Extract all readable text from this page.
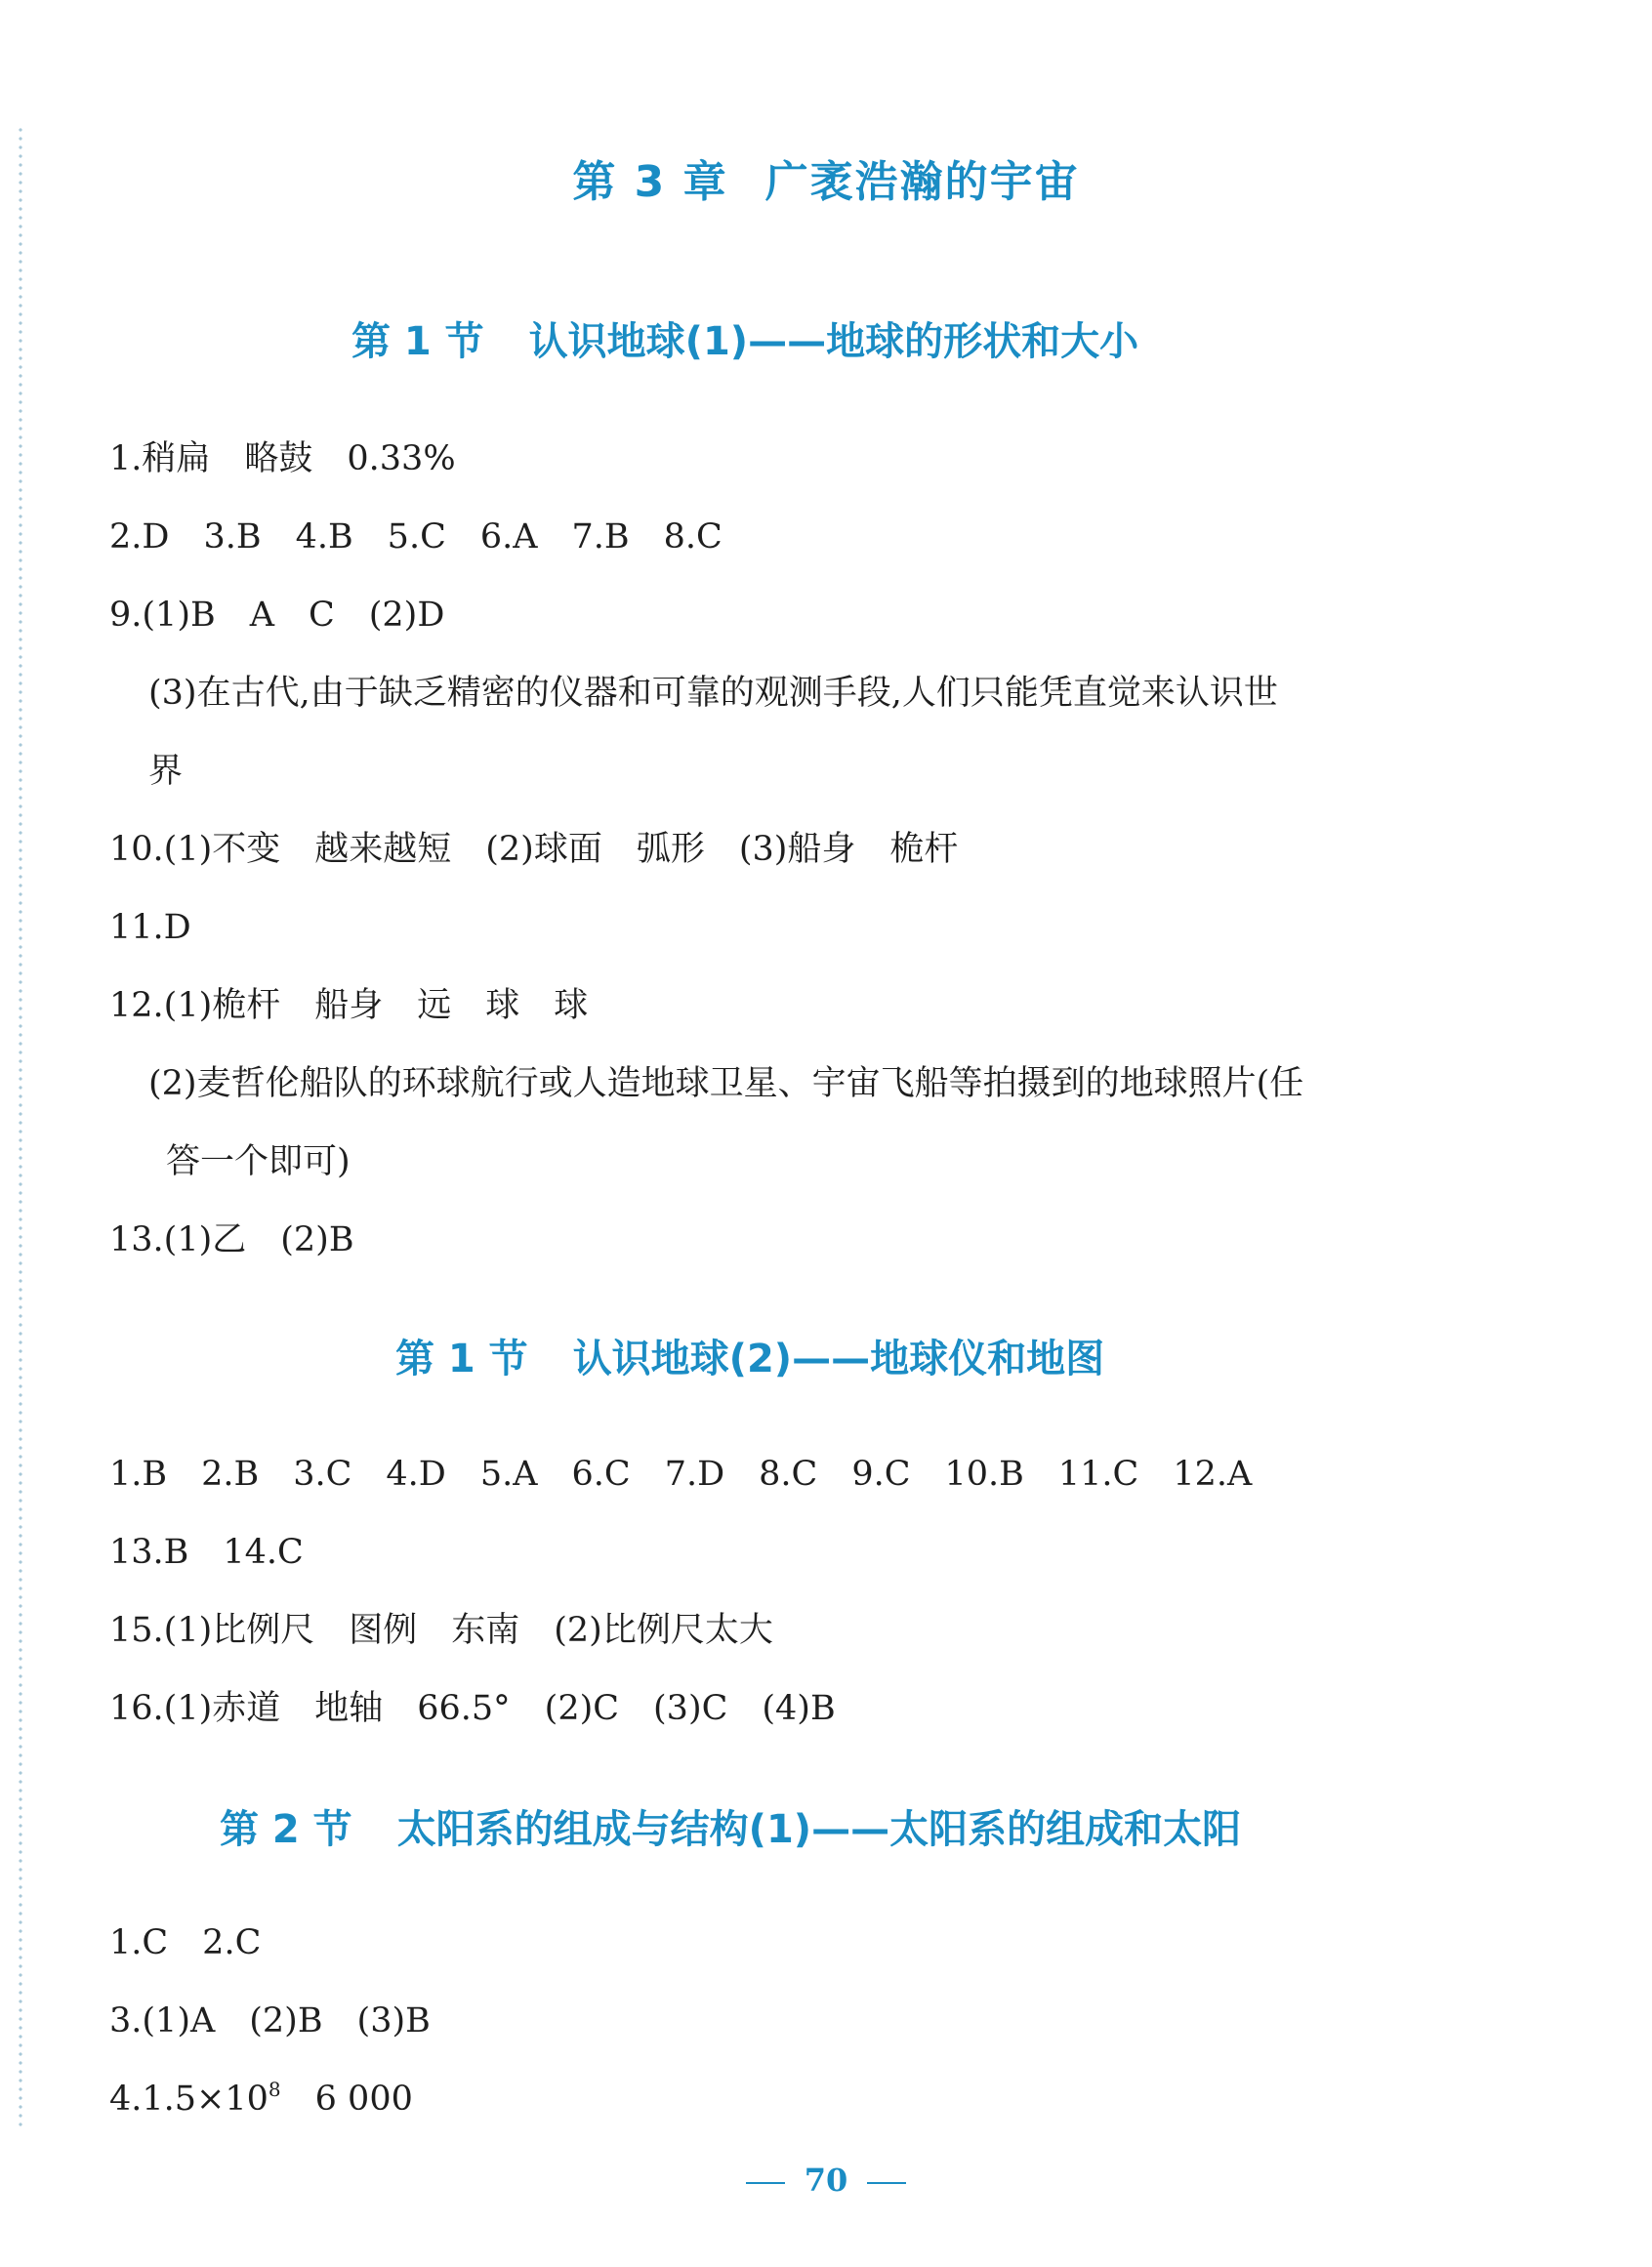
第 3 章 广袤浩瀚的宇宙
第 1 节 认识地球(1)——地球的形状和大小
1.稍扁　略鼓　0.33%
2.D　3.B　4.B　5.C　6.A　7.B　8.C
9.(1)B　A　C　(2)D
(3)在古代,由于缺乏精密的仪器和可靠的观测手段,人们只能凭直觉来认识世
界
10.(1)不变　越来越短　(2)球面　弧形　(3)船身　桅杆
11.D
12.(1)桅杆　船身　远　球　球
(2)麦哲伦船队的环球航行或人造地球卫星、宇宙飞船等拍摄到的地球照片(任
答一个即可)
13.(1)乙　(2)B
第 1 节 认识地球(2)——地球仪和地图
1.B　2.B　3.C　4.D　5.A　6.C　7.D　8.C　9.C　10.B　11.C　12.A
13.B　14.C
15.(1)比例尺　图例　东南　(2)比例尺太大
16.(1)赤道　地轴　66.5°　(2)C　(3)C　(4)B
第 2 节 太阳系的组成与结构(1)——太阳系的组成和太阳
1.C　2.C
3.(1)A　(2)B　(3)B
$4.1.5\times 10^8$　6 000
70
